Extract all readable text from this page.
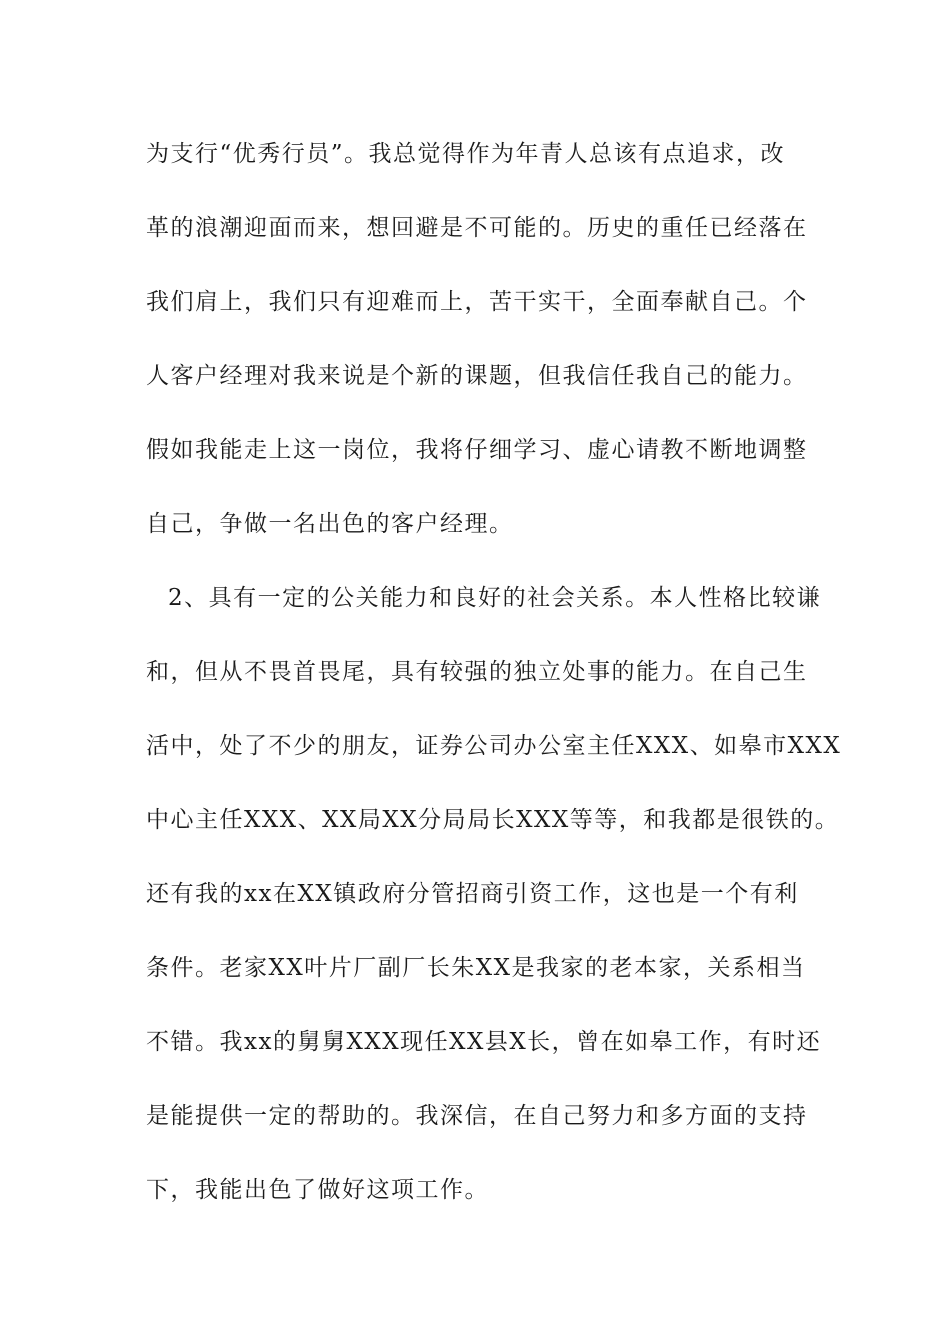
为支行“优秀行员”。我总觉得作为年青人总该有点追求，改
革的浪潮迎面而来，想回避是不可能的。历史的重任已经落在
我们肩上，我们只有迎难而上，苦干实干，全面奉献自己。个
人客户经理对我来说是个新的课题，但我信任我自己的能力。
假如我能走上这一岗位，我将仔细学习、虚心请教不断地调整
自己，争做一名出色的客户经理。
2、具有一定的公关能力和良好的社会关系。本人性格比较谦
和，但从不畏首畏尾，具有较强的独立处事的能力。在自己生
活中，处了不少的朋友，证券公司办公室主任XXX、如皋市XXX
中心主任XXX、XX局XX分局局长XXX等等，和我都是很铁的。
还有我的xx在XX镇政府分管招商引资工作，这也是一个有利
条件。老家XX叶片厂副厂长朱XX是我家的老本家，关系相当
不错。我xx的舅舅XXX现任XX县X长，曾在如皋工作，有时还
是能提供一定的帮助的。我深信，在自己努力和多方面的支持
下，我能出色了做好这项工作。
